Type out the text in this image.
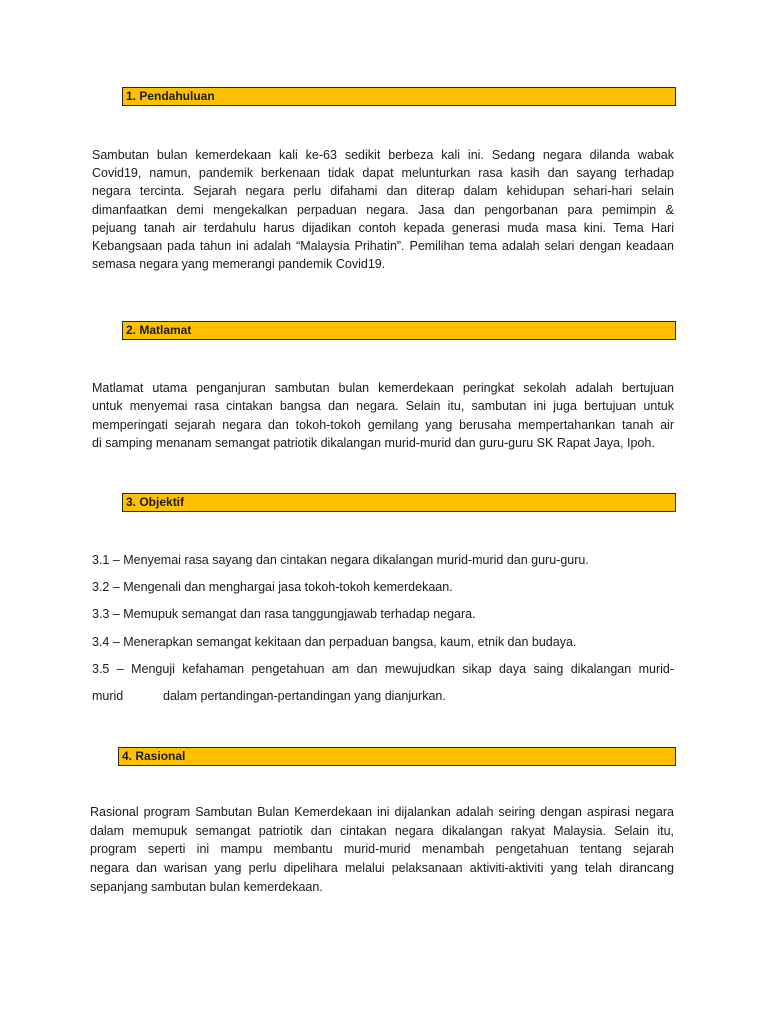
1. Pendahuluan
Sambutan bulan kemerdekaan kali ke-63 sedikit berbeza kali ini. Sedang negara dilanda wabak
Covid19, namun, pandemik berkenaan tidak dapat melunturkan rasa kasih dan sayang terhadap
negara tercinta. Sejarah negara perlu difahami dan diterap dalam kehidupan sehari-hari selain
dimanfaatkan demi mengekalkan perpaduan negara. Jasa dan pengorbanan para pemimpin &
pejuang tanah air terdahulu harus dijadikan contoh kepada generasi muda masa kini. Tema Hari
Kebangsaan pada tahun ini adalah “Malaysia Prihatin”. Pemilihan tema adalah selari dengan keadaan
semasa negara yang memerangi pandemik Covid19.
2. Matlamat
Matlamat utama penganjuran sambutan bulan kemerdekaan peringkat sekolah adalah bertujuan
untuk menyemai rasa cintakan bangsa dan negara. Selain itu, sambutan ini juga bertujuan untuk
memperingati sejarah negara dan tokoh-tokoh gemilang yang berusaha mempertahankan tanah air
di samping menanam semangat patriotik dikalangan murid-murid dan guru-guru SK Rapat Jaya, Ipoh.
3. Objektif
3.1 – Menyemai rasa sayang dan cintakan negara dikalangan murid-murid dan guru-guru.
3.2 – Mengenali dan menghargai jasa tokoh-tokoh kemerdekaan.
3.3 – Memupuk semangat dan rasa tanggungjawab terhadap negara.
3.4 – Menerapkan semangat kekitaan dan perpaduan bangsa, kaum, etnik dan budaya.
3.5 – Menguji kefahaman pengetahuan am dan mewujudkan sikap daya saing dikalangan murid-
murid	dalam pertandingan-pertandingan yang dianjurkan.
4. Rasional
Rasional program Sambutan Bulan Kemerdekaan ini dijalankan adalah seiring dengan aspirasi negara
dalam memupuk semangat patriotik dan cintakan negara dikalangan rakyat Malaysia. Selain itu,
program seperti ini mampu membantu murid-murid menambah pengetahuan tentang sejarah
negara dan warisan yang perlu dipelihara melalui pelaksanaan aktiviti-aktiviti yang telah dirancang
sepanjang sambutan bulan kemerdekaan.
